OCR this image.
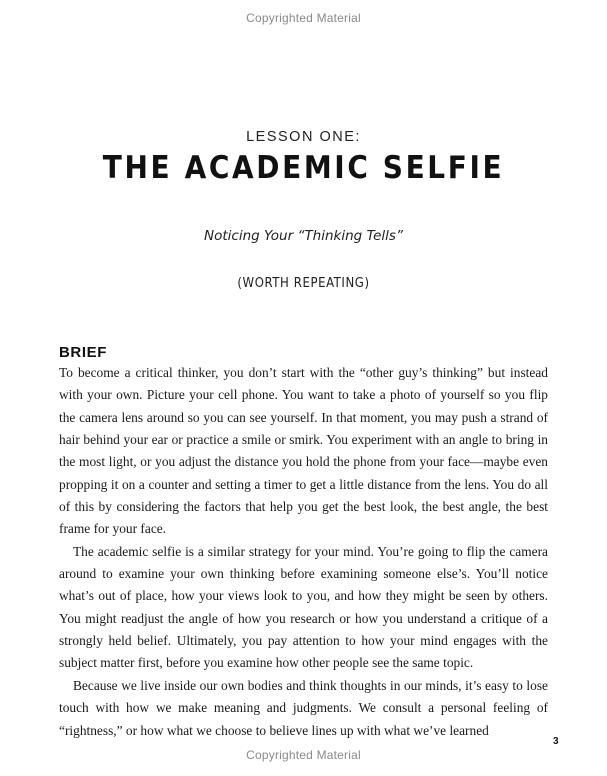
Copyrighted Material
LESSON ONE:
THE ACADEMIC SELFIE
Noticing Your “Thinking Tells”
(WORTH REPEATING)
BRIEF

To become a critical thinker, you don’t start with the “other guy’s thinking” but instead with your own. Picture your cell phone. You want to take a photo of yourself so you flip the camera lens around so you can see yourself. In that moment, you may push a strand of hair behind your ear or practice a smile or smirk. You experiment with an angle to bring in the most light, or you adjust the distance you hold the phone from your face—maybe even propping it on a counter and setting a timer to get a little distance from the lens. You do all of this by considering the factors that help you get the best look, the best angle, the best frame for your face.

The academic selfie is a similar strategy for your mind. You’re going to flip the camera around to examine your own thinking before examining someone else’s. You’ll notice what’s out of place, how your views look to you, and how they might be seen by others. You might readjust the angle of how you research or how you understand a critique of a strongly held belief. Ultimately, you pay attention to how your mind engages with the subject matter first, before you examine how other people see the same topic.

Because we live inside our own bodies and think thoughts in our minds, it’s easy to lose touch with how we make meaning and judgments. We consult a personal feeling of “rightness,” or how what we choose to believe lines up with what we’ve learned

3
Copyrighted Material
